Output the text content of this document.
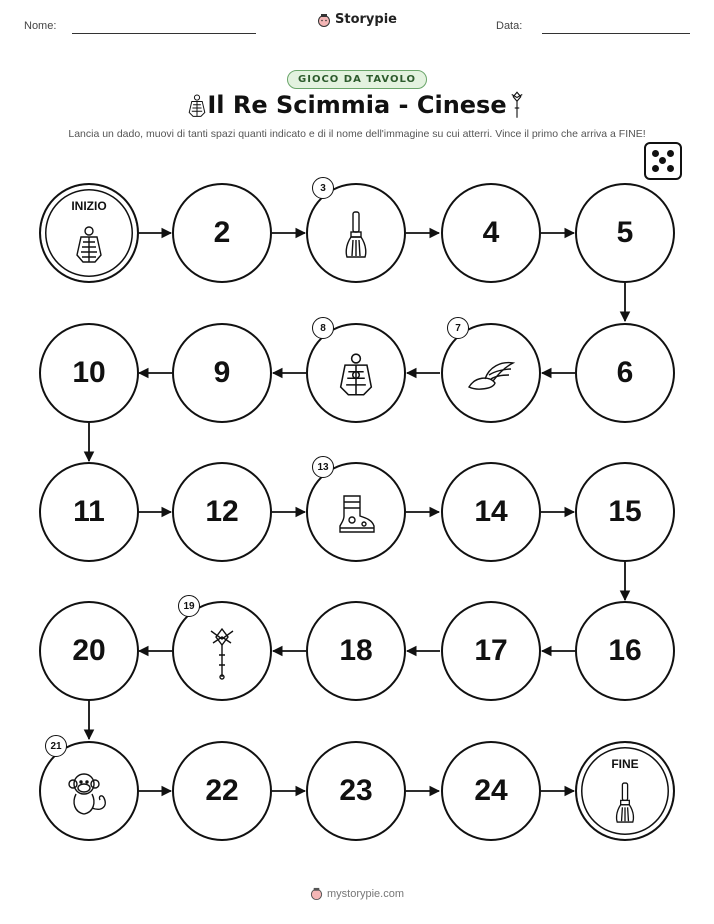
Nome:	Storypie	Data:
GIOCO DA TAVOLO
Il Re Scimmia - Cinese
Lancia un dado, muovi di tanti spazi quanti indicato e di il nome dell'immagine su cui atterri. Vince il primo che arriva a FINE!
INIZIO
2
3
4	5
10	9
8	7
6
11	12
13
14	15
20
19
18	17	16
21
22	23	24
FINE
mystorypie.com
